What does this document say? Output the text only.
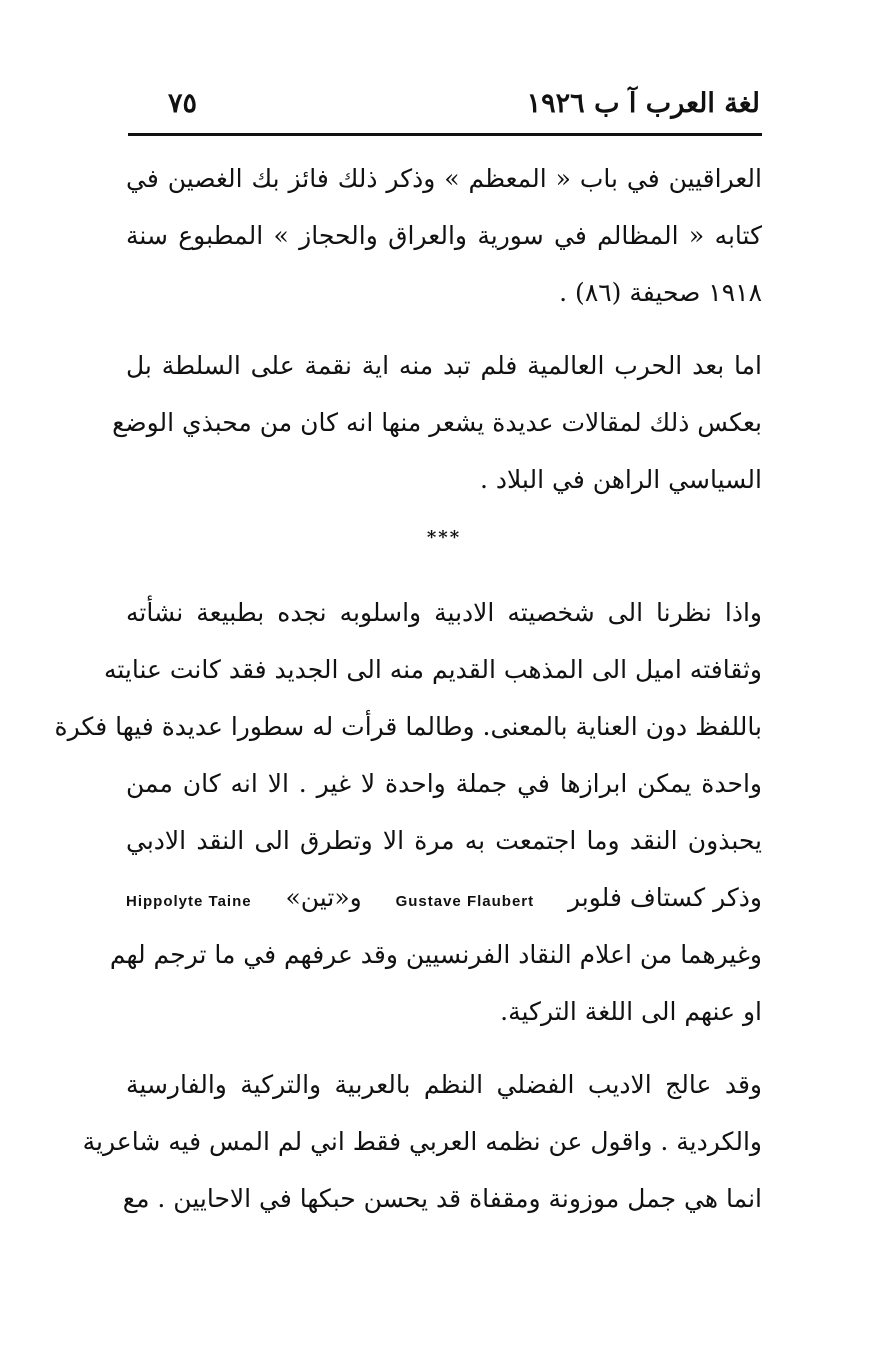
لغة العرب آ ب ١٩٢٦
٧٥
العراقيين في باب « المعظم » وذكر ذلك فائز بك الغصين في
كتابه « المظالم في سورية والعراق والحجاز » المطبوع سنة
١٩١٨ صحيفة (٨٦) .
اما بعد الحرب العالمية فلم تبد منه اية نقمة على السلطة بل
بعكس ذلك لمقالات عديدة يشعر منها انه كان من محبذي الوضع
السياسي الراهن في البلاد .
***
واذا نظرنا الى شخصيته الادبية واسلوبه نجده بطبيعة نشأته
وثقافته اميل الى المذهب القديم منه الى الجديد فقد كانت عنايته
باللفظ دون العناية بالمعنى. وطالما قرأت له سطورا عديدة فيها فكرة
واحدة يمكن ابرازها في جملة واحدة لا غير . الا انه كان ممن
يحبذون النقد وما اجتمعت به مرة الا وتطرق الى النقد الادبي
وذكر كستاف فلوبر
Gustave Flaubert
و«تين»
Hippolyte Taine
وغيرهما من اعلام النقاد الفرنسيين وقد عرفهم في ما ترجم لهم
او عنهم الى اللغة التركية.
وقد عالج الاديب الفضلي النظم بالعربية والتركية والفارسية
والكردية . واقول عن نظمه العربي فقط اني لم المس فيه شاعرية
انما هي جمل موزونة ومقفاة قد يحسن حبكها في الاحايين . مع
